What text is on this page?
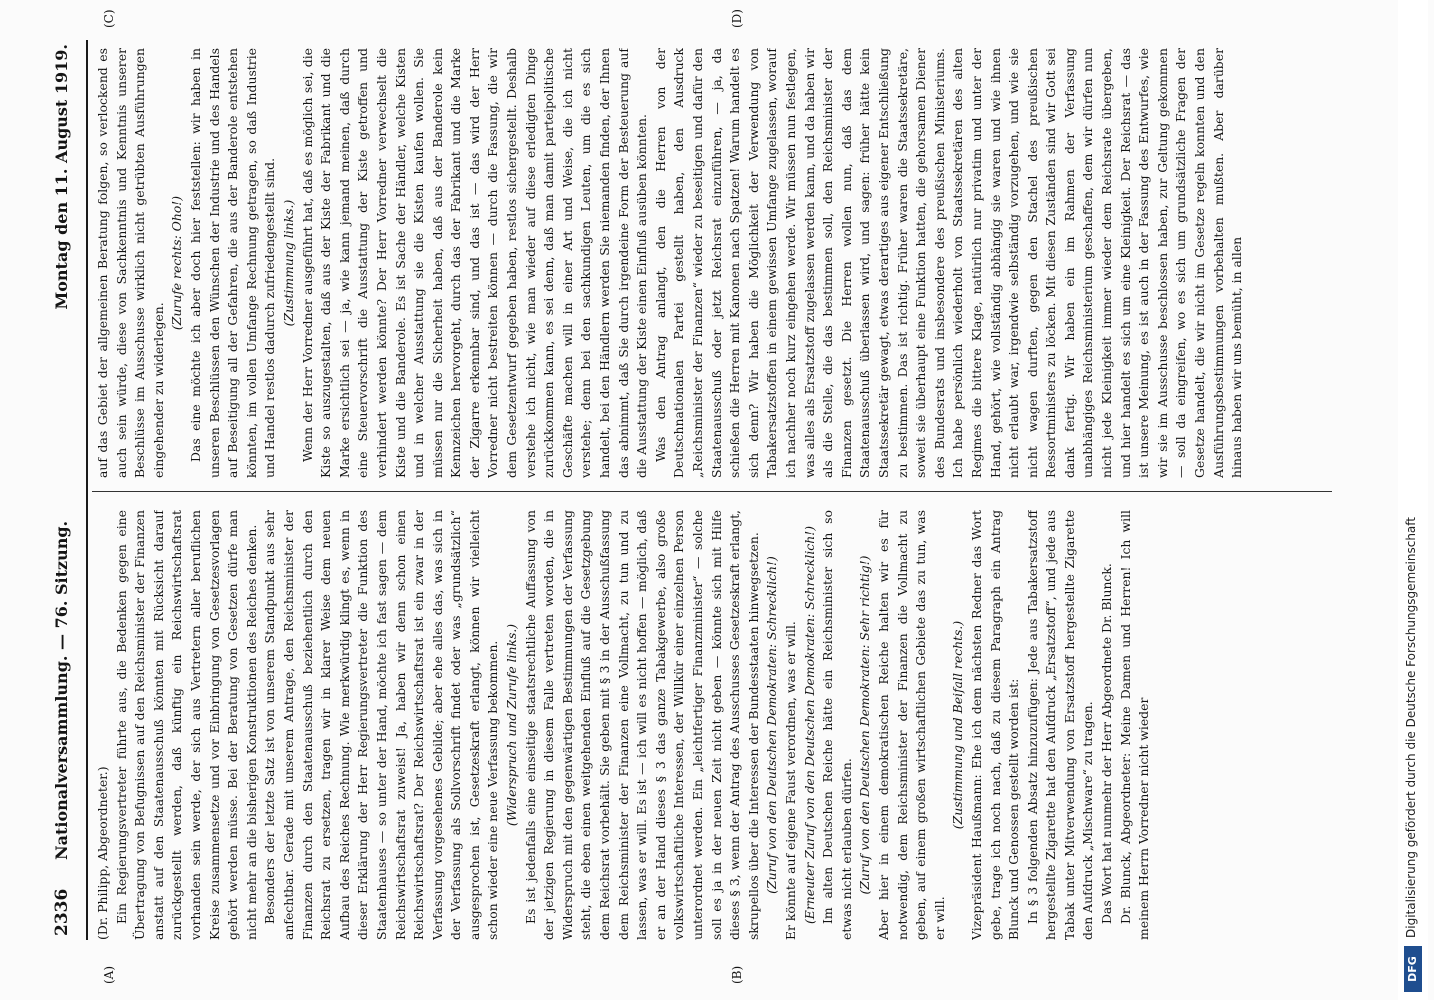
2336
Nationalversammlung. — 76. Sitzung.
Montag den 11. August 1919.
(A)	(B)
(C)	(D)

(Dr. Philipp, Abgeordneter.) Ein Regierungsvertreter führte aus, die Bedenken gegen eine Übertragung von Befugnissen auf den Reichsminister der Finanzen anstatt auf den Staatenausschuß könnten mit Rücksicht darauf zurückgestellt werden, daß künftig ein Reichswirtschaftsrat vorhanden sein werde, der sich aus Vertretern aller beruflichen Kreise zusammensetze und vor Einbringung von Gesetzesvorlagen gehört werden müsse. Bei der Beratung von Gesetzen dürfe man nicht mehr an die bisherigen Konstruktionen des Reiches denken. Besonders der letzte Satz ist von unserem Standpunkt aus sehr anfechtbar. Gerade mit unserem Antrage, den Reichsminister der Finanzen durch den Staatenausschuß beziehentlich durch den Reichsrat zu ersetzen, tragen wir in klarer Weise dem neuen Aufbau des Reiches Rechnung. Wie merkwürdig klingt es, wenn in dieser Erklärung der Herr Regierungsvertreter die Funktion des Staatenhauses — so unter der Hand, möchte ich fast sagen — dem Reichswirtschaftsrat zuweist! Ja, haben wir denn schon einen Reichswirtschaftsrat? Der Reichswirtschaftsrat ist ein zwar in der Verfassung vorgesehenes Gebilde; aber ehe alles das, was sich in der Verfassung als Sollvorschrift findet oder was „grundsätzlich“ ausgesprochen ist, Gesetzeskraft erlangt, können wir vielleicht schon wieder eine neue Verfassung bekommen. (Widerspruch und Zurufe links.) Es ist jedenfalls eine einseitige staatsrechtliche Auffassung von der jetzigen Regierung in diesem Falle vertreten worden, die in Widerspruch mit den gegenwärtigen Bestimmungen der Verfassung steht, die eben einen weitgehenden Einfluß auf die Gesetzgebung dem Reichsrat vorbehält. Sie geben mit § 3 in der Ausschußfassung dem Reichsminister der Finanzen eine Vollmacht, zu tun und zu lassen, was er will. Es ist — ich will es nicht hoffen — möglich, daß er an der Hand dieses § 3 das ganze Tabakgewerbe, also große volkswirtschaftliche Interessen, der Willkür einer einzelnen Person unterordnet werden. Ein „leichtfertiger Finanzminister“ — solche soll es ja in der neuen Zeit nicht geben — könnte sich mit Hilfe dieses § 3, wenn der Antrag des Ausschusses Gesetzeskraft erlangt, skrupellos über die Interessen der Bundesstaaten hinwegsetzen. (Zuruf von den Deutschen Demokraten: Schrecklich!) Er könnte auf eigene Faust verordnen, was er will. (Erneuter Zuruf von den Deutschen Demokraten: Schrecklich!) Im alten Deutschen Reiche hätte ein Reichsminister sich so etwas nicht erlauben dürfen. (Zuruf von den Deutschen Demokraten: Sehr richtig!) Aber hier in einem demokratischen Reiche halten wir es für notwendig, dem Reichsminister der Finanzen die Vollmacht zu geben, auf einem großen wirtschaftlichen Gebiete das zu tun, was er will.

(Zustimmung und Beifall rechts.) Vizepräsident Haußmann: Ehe ich dem nächsten Redner das Wort gebe, trage ich noch nach, daß zu diesem Paragraph ein Antrag Blunck und Genossen gestellt worden ist: In § 3 folgenden Absatz hinzuzufügen: Jede aus Tabakersatzstoff hergestellte Zigarette hat den Aufdruck „Ersatzstoff“, und jede aus Tabak unter Mitverwendung von Ersatzstoff hergestellte Zigarette den Aufdruck „Mischware“ zu tragen. Das Wort hat nunmehr der Herr Abgeordnete Dr. Blunck. Dr. Blunck, Abgeordneter: Meine Damen und Herren! Ich will meinem Herrn Vorredner nicht wieder

auf das Gebiet der allgemeinen Beratung folgen, so verlockend es auch sein würde, diese von Sachkenntnis und Kenntnis unserer Beschlüsse im Ausschusse wirklich nicht getrübten Ausführungen eingehender zu widerlegen.

(Zurufe rechts: Oho!) Das eine möchte ich aber doch hier feststellen: wir haben in unseren Beschlüssen den Wünschen der Industrie und des Handels auf Beseitigung all der Gefahren, die aus der Banderole entstehen könnten, im vollen Umfange Rechnung getragen, so daß Industrie und Handel restlos dadurch zufriedengestellt sind. (Zustimmung links.) Wenn der Herr Vorredner ausgeführt hat, daß es möglich sei, die Kiste so auszugestalten, daß aus der Kiste der Fabrikant und die Marke ersichtlich sei — ja, wie kann jemand meinen, daß durch eine Steuervorschrift die Ausstattung der Kiste getroffen und verhindert werden könnte? Der Herr Vorredner verwechselt die Kiste und die Banderole. Es ist Sache der Händler, welche Kisten und in welcher Ausstattung sie die Kisten kaufen wollen. Sie müssen nur die Sicherheit haben, daß aus der Banderole kein Kennzeichen hervorgeht, durch das der Fabrikant und die Marke der Zigarre erkennbar sind, und das ist — das wird der Herr Vorredner nicht bestreiten können — durch die Fassung, die wir dem Gesetzentwurf gegeben haben, restlos sichergestellt. Deshalb verstehe ich nicht, wie man wieder auf diese erledigten Dinge zurückkommen kann, es sei denn, daß man damit parteipolitische Geschäfte machen will in einer Art und Weise, die ich nicht verstehe; denn bei den sachkundigen Leuten, um die es sich handelt, bei den Händlern werden Sie niemanden finden, der Ihnen das abnimmt, daß Sie durch irgendeine Form der Besteuerung auf die Ausstattung der Kiste einen Einfluß ausüben könnten. Was den Antrag anlangt, den die Herren von der Deutschnationalen Partei gestellt haben, den Ausdruck „Reichsminister der Finanzen“ wieder zu beseitigen und dafür den Staatenausschuß oder jetzt Reichsrat einzuführen, — ja, da schießen die Herren mit Kanonen nach Spatzen! Warum handelt es sich denn? Wir haben die Möglichkeit der Verwendung von Tabakersatzstoffen in einem gewissen Umfange zugelassen, worauf ich nachher noch kurz eingehen werde. Wir müssen nun festlegen, was alles als Ersatzstoff zugelassen werden kann, und da haben wir als die Stelle, die das bestimmen soll, den Reichsminister der Finanzen gesetzt. Die Herren wollen nun, daß das dem Staatenausschuß überlassen wird, und sagen: früher hätte kein Staatssekretär gewagt, etwas derartiges aus eigener Entschließung zu bestimmen. Das ist richtig. Früher waren die Staatssekretäre, soweit sie überhaupt eine Funktion hatten, die gehorsamen Diener des Bundesrats und insbesondere des preußischen Ministeriums. Ich habe persönlich wiederholt von Staatssekretären des alten Regimes die bittere Klage, natürlich nur privatim und unter der Hand, gehört, wie vollständig abhängig sie waren und wie ihnen nicht erlaubt war, irgendwie selbständig vorzugehen, und wie sie nicht wagen durften, gegen den Stachel des preußischen Ressortministers zu löcken. Mit diesen Zuständen sind wir Gott sei dank fertig. Wir haben ein im Rahmen der Verfassung unabhängiges Reichsministerium geschaffen, dem wir dürfen nun nicht jede Kleinigkeit immer wieder dem Reichsrate übergeben, und hier handelt es sich um eine Kleinigkeit. Der Reichsrat — das ist unsere Meinung, es ist auch in der Fassung des Entwurfes, wie wir sie im Ausschusse beschlossen haben, zur Geltung gekommen — soll da eingreifen, wo es sich um grundsätzliche Fragen der Gesetze handelt, die wir nicht im Gesetze regeln konnten und den Ausführungsbestimmungen vorbehalten mußten. Aber darüber hinaus haben wir uns bemüht, in allen

DFG
Digitalisierung gefördert durch die Deutsche Forschungsgemeinschaft
